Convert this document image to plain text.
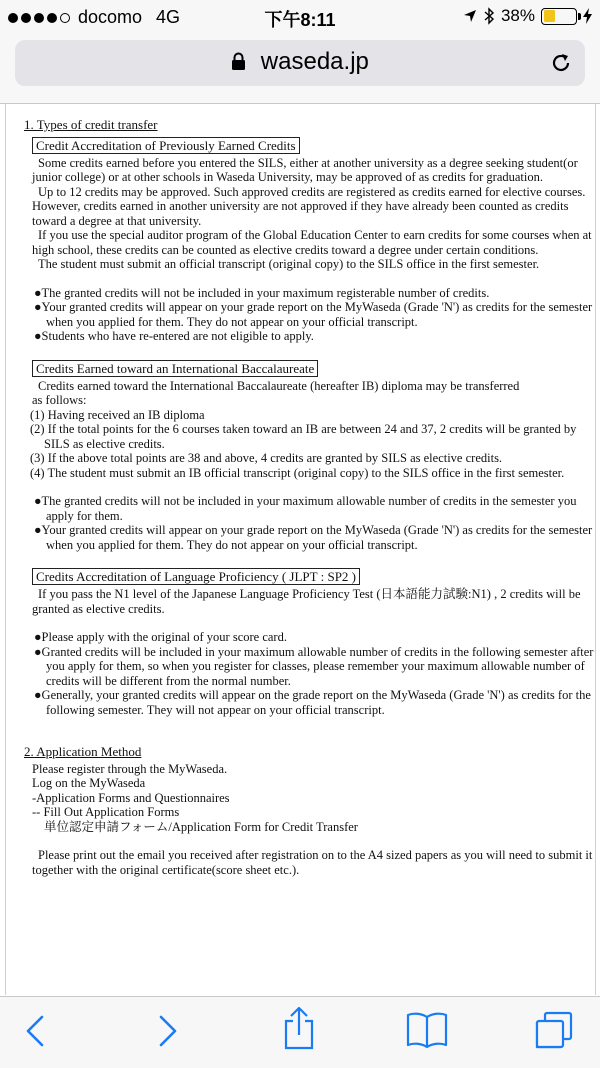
docomo 4G	下午8:11	38%
waseda.jp
1. Types of credit transfer
Credit Accreditation of Previously Earned Credits
Some credits earned before you entered the SILS, either at another university as a degree seeking student(or junior college) or at other schools in Waseda University, may be approved of as credits for graduation.
Up to 12 credits may be approved. Such approved credits are registered as credits earned for elective courses. However, credits earned in another university are not approved if they have already been counted as credits toward a degree at that university.
If you use the special auditor program of the Global Education Center to earn credits for some courses when at high school, these credits can be counted as elective credits toward a degree under certain conditions.
The student must submit an official transcript (original copy) to the SILS office in the first semester.
●The granted credits will not be included in your maximum registerable number of credits.
●Your granted credits will appear on your grade report on the MyWaseda (Grade 'N') as credits for the semester when you applied for them. They do not appear on your official transcript.
●Students who have re-entered are not eligible to apply.
Credits Earned toward an International Baccalaureate
Credits earned toward the International Baccalaureate (hereafter IB) diploma may be transferred
as follows:
(1) Having received an IB diploma
(2) If the total points for the 6 courses taken toward an IB are between 24 and 37, 2 credits will be granted by SILS as elective credits.
(3) If the above total points are 38 and above, 4 credits are granted by SILS as elective credits.
(4) The student must submit an IB official transcript (original copy) to the SILS office in the first semester.
●The granted credits will not be included in your maximum allowable number of credits in the semester you apply for them.
●Your granted credits will appear on your grade report on the MyWaseda (Grade 'N') as credits for the semester when you applied for them. They do not appear on your official transcript.
Credits Accreditation of Language Proficiency ( JLPT : SP2 )
If you pass the N1 level of the Japanese Language Proficiency Test (日本語能力試験:N1) , 2 credits will be granted as elective credits.
●Please apply with the original of your score card.
●Granted credits will be included in your maximum allowable number of credits in the following semester after you apply for them, so when you register for classes, please remember your maximum allowable number of credits will be different from the normal number.
●Generally, your granted credits will appear on the grade report on the MyWaseda (Grade 'N') as credits for the following semester. They will not appear on your official transcript.
2. Application Method
Please register through the MyWaseda.
Log on the MyWaseda
-Application Forms and Questionnaires
-- Fill Out Application Forms
単位認定申請フォーム/Application Form for Credit Transfer
Please print out the email you received after registration on to the A4 sized papers as you will need to submit it together with the original certificate(score sheet etc.).
